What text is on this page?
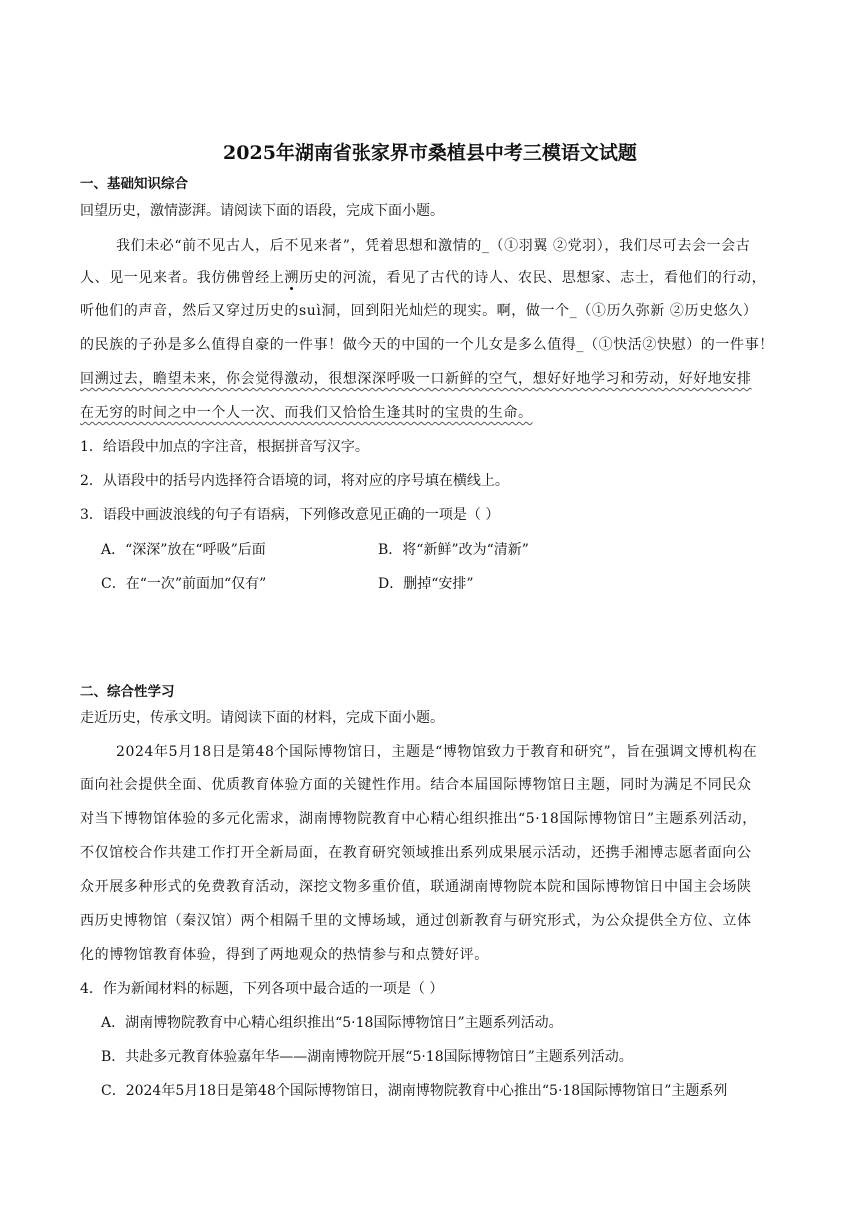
2025年湖南省张家界市桑植县中考三模语文试题
一、基础知识综合
回望历史，激情澎湃。请阅读下面的语段，完成下面小题。
我们未必“前不见古人，后不见来者”，凭着思想和激情的_（①羽翼 ②党羽），我们尽可去会一会古
人、见一见来者。我仿佛曾经上溯历史的河流，看见了古代的诗人、农民、思想家、志士，看他们的行动，
听他们的声音，然后又穿过历史的suì洞，回到阳光灿烂的现实。啊，做一个_（①历久弥新 ②历史悠久）
的民族的子孙是多么值得自豪的一件事！做今天的中国的一个儿女是多么值得_（①快活②快慰）的一件事！
回溯过去，瞻望未来，你会觉得激动，很想深深呼吸一口新鲜的空气，想好好地学习和劳动，好好地安排
在无穷的时间之中一个人一次、而我们又恰恰生逢其时的宝贵的生命。
1．给语段中加点的字注音，根据拼音写汉字。
2．从语段中的括号内选择符合语境的词，将对应的序号填在横线上。
3．语段中画波浪线的句子有语病，下列修改意见正确的一项是（ ）
A．“深深”放在“呼吸”后面	B．将“新鲜”改为“清新”
C．在“一次”前面加“仅有”	D．删掉“安排”
二、综合性学习
走近历史，传承文明。请阅读下面的材料，完成下面小题。
2024年5月18日是第48个国际博物馆日，主题是“博物馆致力于教育和研究”，旨在强调文博机构在
面向社会提供全面、优质教育体验方面的关键性作用。结合本届国际博物馆日主题，同时为满足不同民众
对当下博物馆体验的多元化需求，湖南博物院教育中心精心组织推出“5·18国际博物馆日”主题系列活动，
不仅馆校合作共建工作打开全新局面，在教育研究领域推出系列成果展示活动，还携手湘博志愿者面向公
众开展多种形式的免费教育活动，深挖文物多重价值，联通湖南博物院本院和国际博物馆日中国主会场陕
西历史博物馆（秦汉馆）两个相隔千里的文博场域，通过创新教育与研究形式，为公众提供全方位、立体
化的博物馆教育体验，得到了两地观众的热情参与和点赞好评。
4．作为新闻材料的标题，下列各项中最合适的一项是（ ）
A．湖南博物院教育中心精心组织推出“5·18国际博物馆日”主题系列活动。
B．共赴多元教育体验嘉年华——湖南博物院开展“5·18国际博物馆日”主题系列活动。
C．2024年5月18日是第48个国际博物馆日，湖南博物院教育中心推出“5·18国际博物馆日”主题系列
